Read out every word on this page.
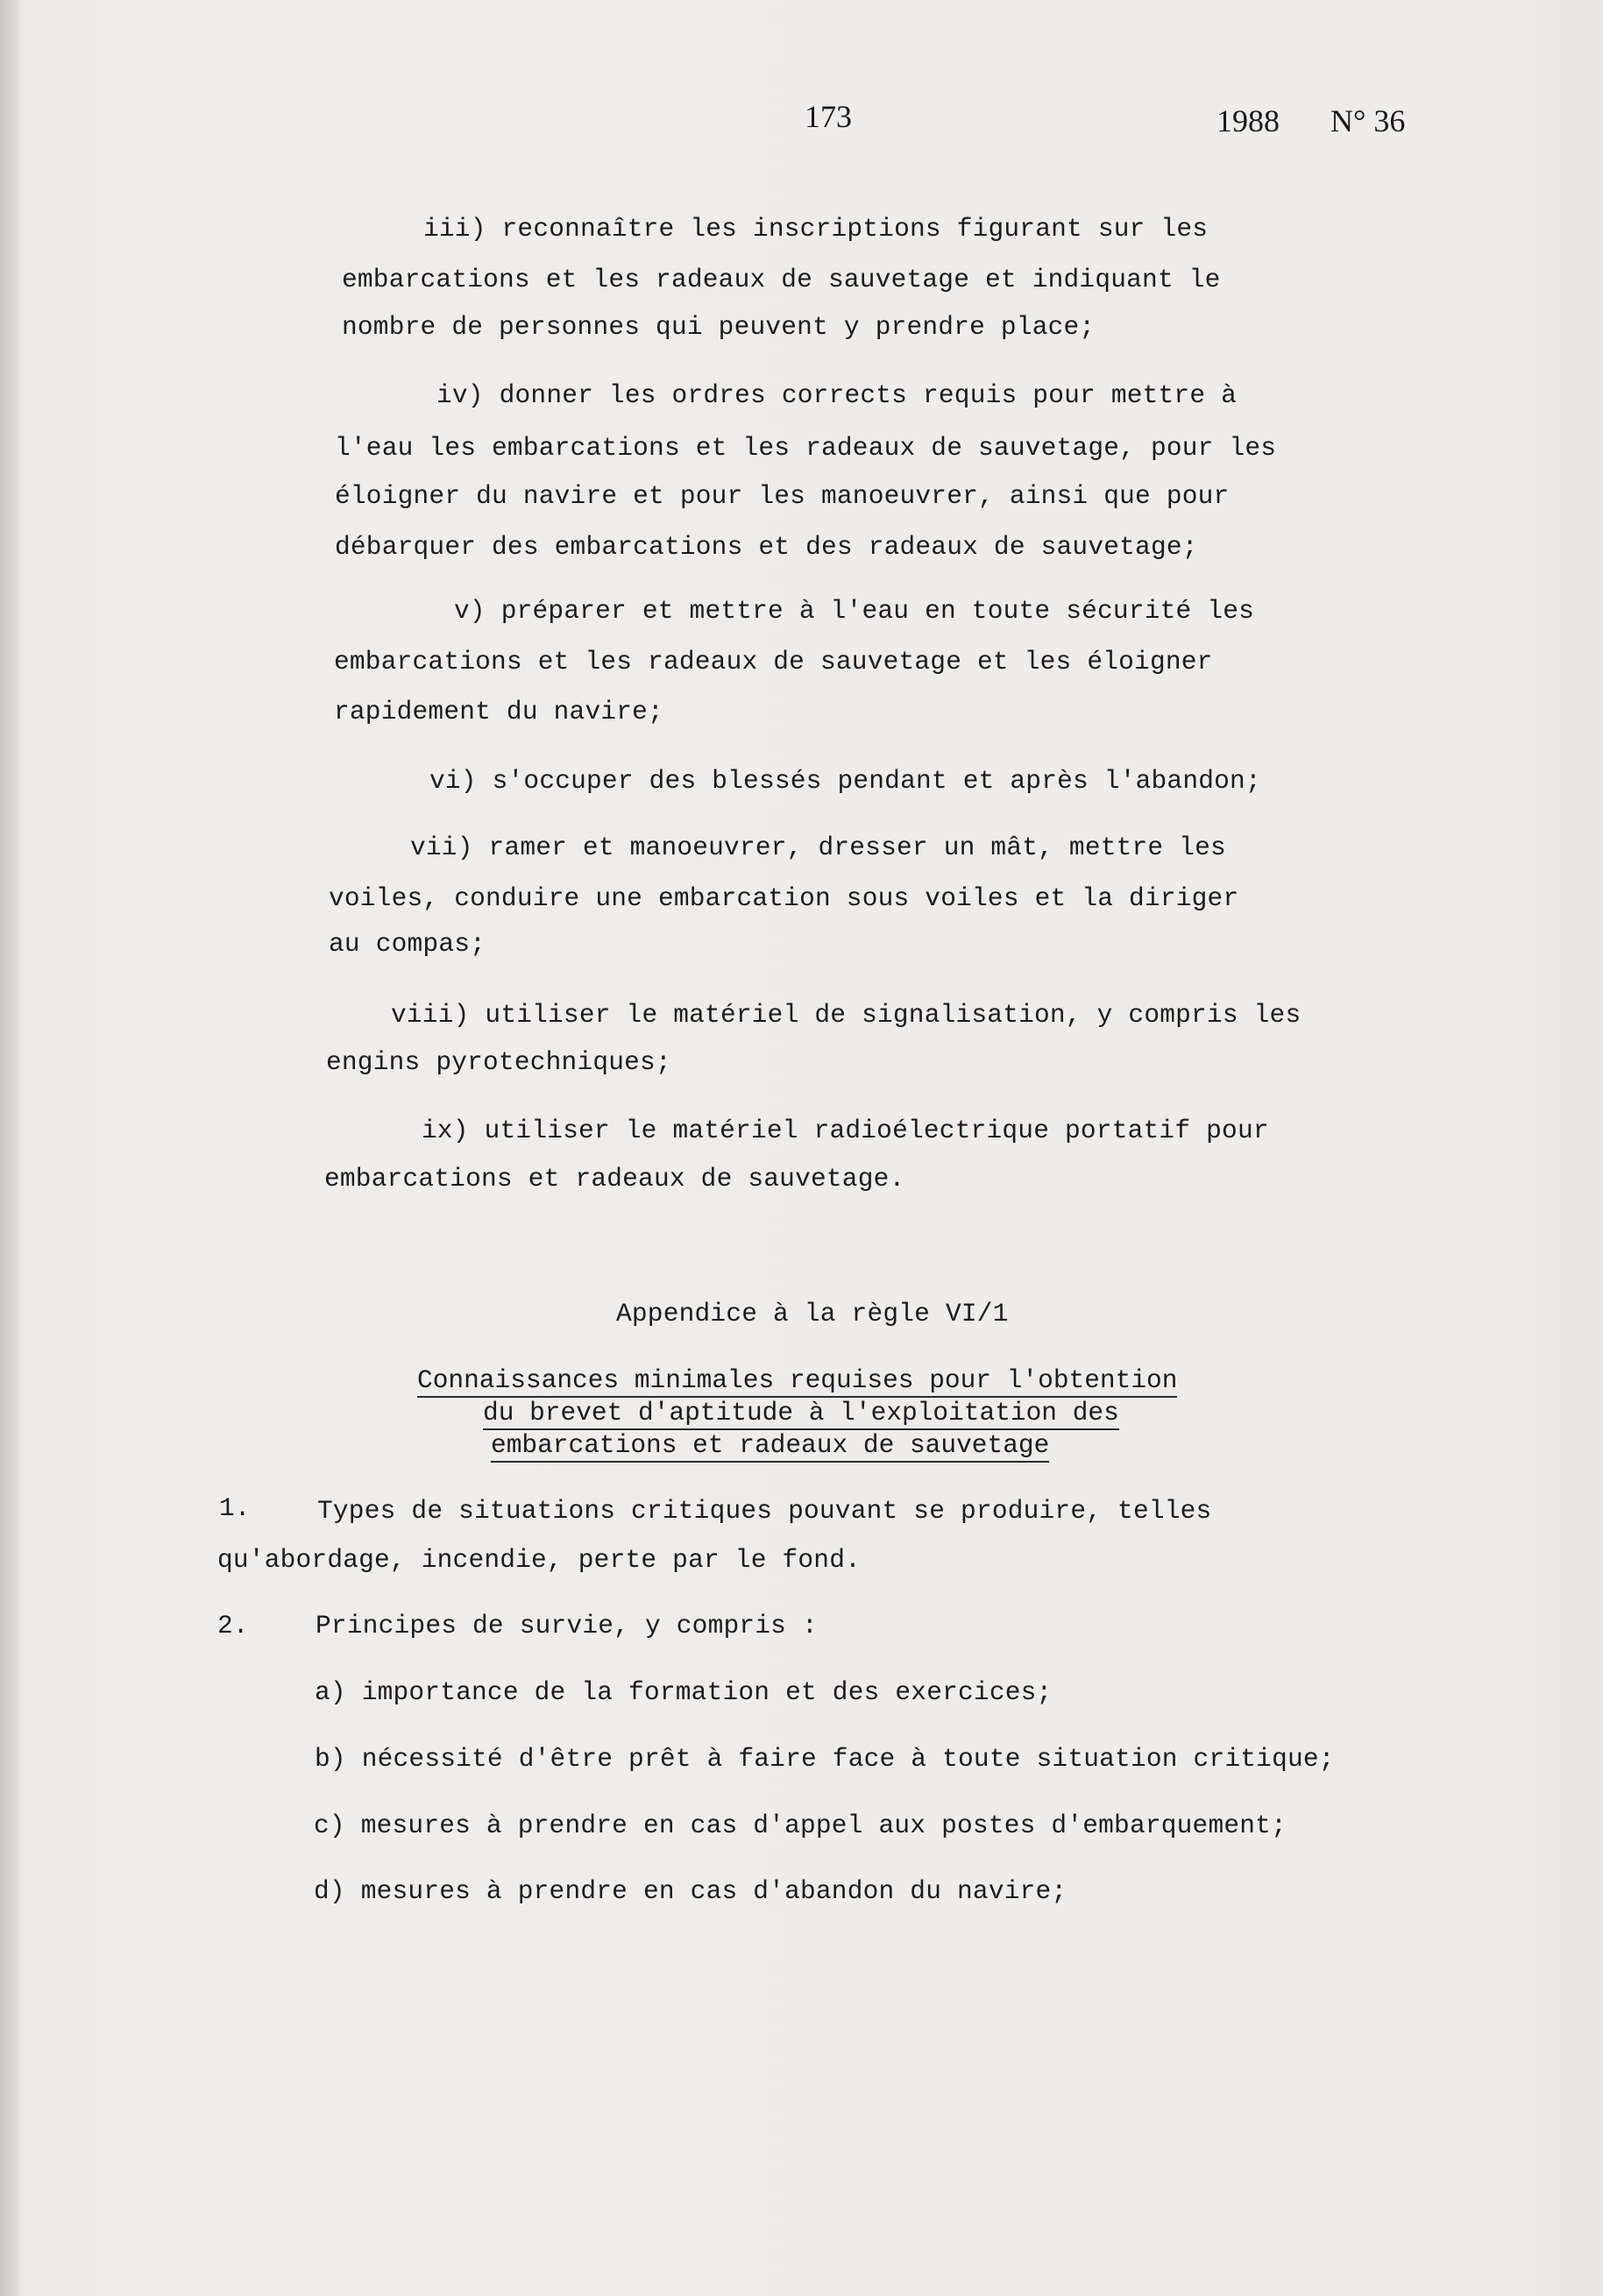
173	1988 N° 36
iii) reconnaître les inscriptions figurant sur les
embarcations et les radeaux de sauvetage et indiquant le
nombre de personnes qui peuvent y prendre place;
iv) donner les ordres corrects requis pour mettre à
l'eau les embarcations et les radeaux de sauvetage, pour les
éloigner du navire et pour les manoeuvrer, ainsi que pour
débarquer des embarcations et des radeaux de sauvetage;
v) préparer et mettre à l'eau en toute sécurité les
embarcations et les radeaux de sauvetage et les éloigner
rapidement du navire;
vi) s'occuper des blessés pendant et après l'abandon;
vii) ramer et manoeuvrer, dresser un mât, mettre les
voiles, conduire une embarcation sous voiles et la diriger
au compas;
viii) utiliser le matériel de signalisation, y compris les
engins pyrotechniques;
ix) utiliser le matériel radioélectrique portatif pour
embarcations et radeaux de sauvetage.
Appendice à la règle VI/1
Connaissances minimales requises pour l'obtention
du brevet d'aptitude à l'exploitation des
embarcations et radeaux de sauvetage
1.	Types de situations critiques pouvant se produire, telles
qu'abordage, incendie, perte par le fond.
2.	Principes de survie, y compris :
a) importance de la formation et des exercices;
b) nécessité d'être prêt à faire face à toute situation critique;
c) mesures à prendre en cas d'appel aux postes d'embarquement;
d) mesures à prendre en cas d'abandon du navire;
